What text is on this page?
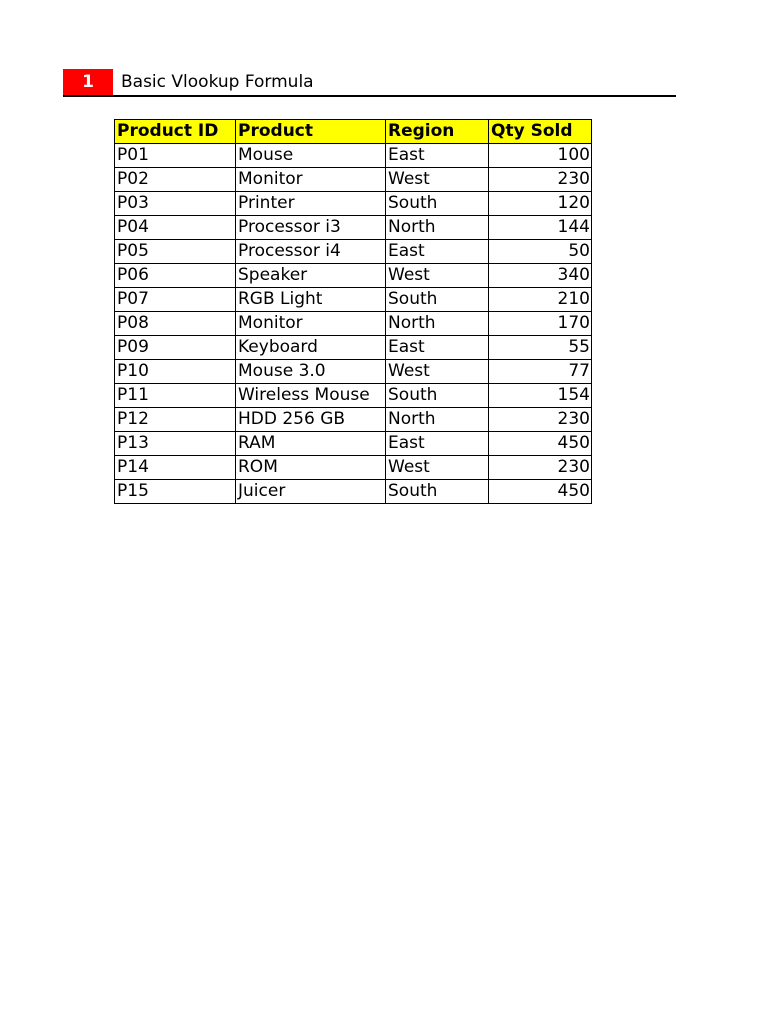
1	Basic Vlookup Formula
Product ID	Product	Region	Qty Sold
P01	Mouse	East	100
P02	Monitor	West	230
P03	Printer	South	120
P04	Processor i3	North	144
P05	Processor i4	East	50
P06	Speaker	West	340
P07	RGB Light	South	210
P08	Monitor	North	170
P09	Keyboard	East	55
P10	Mouse 3.0	West	77
P11	Wireless Mouse	South	154
P12	HDD 256 GB	North	230
P13	RAM	East	450
P14	ROM	West	230
P15	Juicer	South	450
